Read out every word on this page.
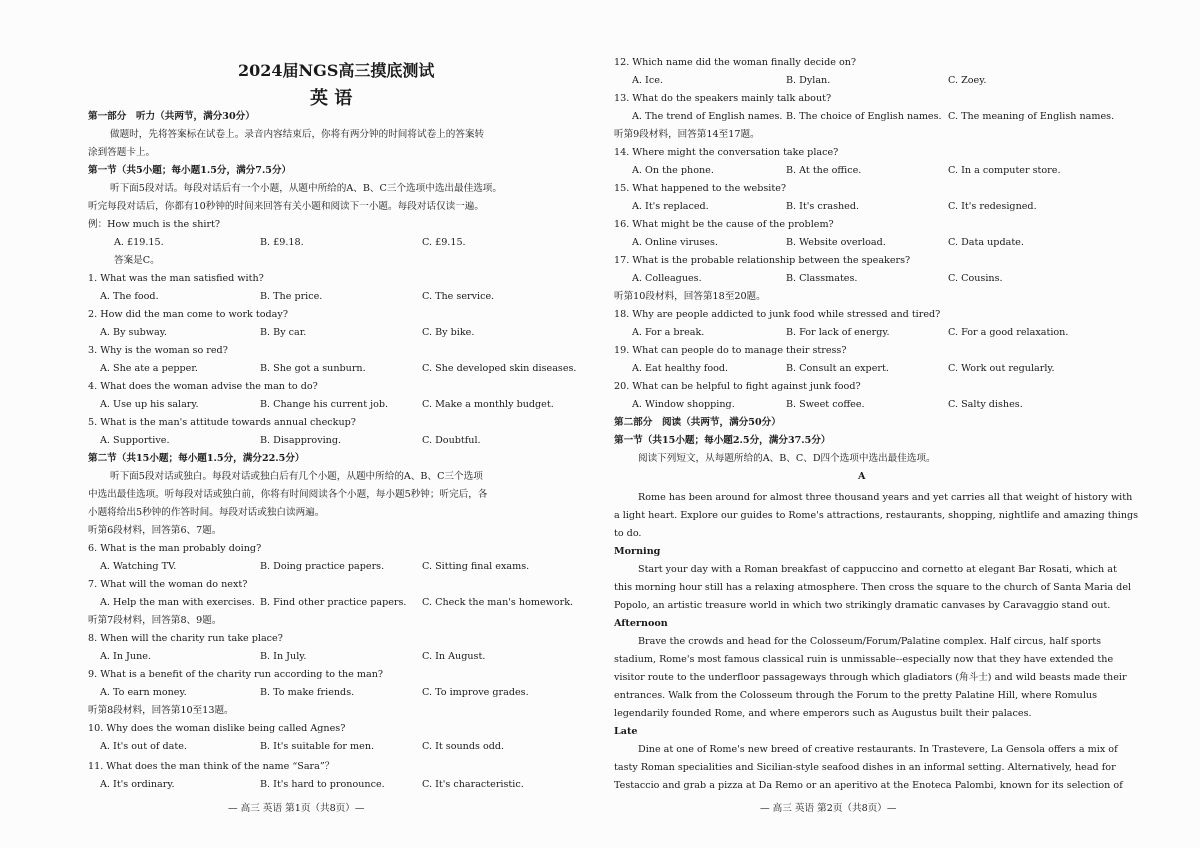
2024届NGS高三摸底测试
英 语
第一部分　听力（共两节，满分30分）
做题时，先将答案标在试卷上。录音内容结束后，你将有两分钟的时间将试卷上的答案转
涂到答题卡上。
第一节（共5小题；每小题1.5分，满分7.5分）
听下面5段对话。每段对话后有一个小题，从题中所给的A、B、C三个选项中选出最佳选项。
听完每段对话后，你都有10秒钟的时间来回答有关小题和阅读下一小题。每段对话仅读一遍。
例：How much is the shirt?
A. £19.15.	B. £9.18.	C. £9.15.
答案是C。
1. What was the man satisfied with?
A. The food.	B. The price.	C. The service.
2. How did the man come to work today?
A. By subway.	B. By car.	C. By bike.
3. Why is the woman so red?
A. She ate a pepper.	B. She got a sunburn.	C. She developed skin diseases.
4. What does the woman advise the man to do?
A. Use up his salary.	B. Change his current job.	C. Make a monthly budget.
5. What is the man's attitude towards annual checkup?
A. Supportive.	B. Disapproving.	C. Doubtful.
第二节（共15小题；每小题1.5分，满分22.5分）
听下面5段对话或独白。每段对话或独白后有几个小题，从题中所给的A、B、C三个选项
中选出最佳选项。听每段对话或独白前，你将有时间阅读各个小题，每小题5秒钟；听完后，各
小题将给出5秒钟的作答时间。每段对话或独白读两遍。
听第6段材料，回答第6、7题。
6. What is the man probably doing?
A. Watching TV.	B. Doing practice papers.	C. Sitting final exams.
7. What will the woman do next?
A. Help the man with exercises. B. Find other practice papers. C. Check the man's homework.
听第7段材料，回答第8、9题。
8. When will the charity run take place?
A. In June.	B. In July.	C. In August.
9. What is a benefit of the charity run according to the man?
A. To earn money.	B. To make friends.	C. To improve grades.
听第8段材料，回答第10至13题。
10. Why does the woman dislike being called Agnes?
A. It's out of date.	B. It's suitable for men.	C. It sounds odd.
11. What does the man think of the name “Sara”？
A. It's ordinary.	B. It's hard to pronounce.	C. It's characteristic.
— 高三 英语 第1页（共8页）—
12. Which name did the woman finally decide on?
A. Ice.	B. Dylan.	C. Zoey.
13. What do the speakers mainly talk about?
A. The trend of English names. B. The choice of English names. C. The meaning of English names.
听第9段材料，回答第14至17题。
14. Where might the conversation take place?
A. On the phone.	B. At the office.	C. In a computer store.
15. What happened to the website?
A. It's replaced.	B. It's crashed.	C. It's redesigned.
16. What might be the cause of the problem?
A. Online viruses.	B. Website overload.	C. Data update.
17. What is the probable relationship between the speakers?
A. Colleagues.	B. Classmates.	C. Cousins.
听第10段材料，回答第18至20题。
18. Why are people addicted to junk food while stressed and tired?
A. For a break.	B. For lack of energy.	C. For a good relaxation.
19. What can people do to manage their stress?
A. Eat healthy food.	B. Consult an expert.	C. Work out regularly.
20. What can be helpful to fight against junk food?
A. Window shopping.	B. Sweet coffee.	C. Salty dishes.
第二部分　阅读（共两节，满分50分）
第一节（共15小题；每小题2.5分，满分37.5分）
阅读下列短文，从每题所给的A、B、C、D四个选项中选出最佳选项。
A
Rome has been around for almost three thousand years and yet carries all that weight of history with
a light heart. Explore our guides to Rome's attractions, restaurants, shopping, nightlife and amazing things
to do.
Morning
Start your day with a Roman breakfast of cappuccino and cornetto at elegant Bar Rosati, which at
this morning hour still has a relaxing atmosphere. Then cross the square to the church of Santa Maria del
Popolo, an artistic treasure world in which two strikingly dramatic canvases by Caravaggio stand out.
Afternoon
Brave the crowds and head for the Colosseum/Forum/Palatine complex. Half circus, half sports
stadium, Rome's most famous classical ruin is unmissable--especially now that they have extended the
visitor route to the underfloor passageways through which gladiators (角斗士) and wild beasts made their
entrances. Walk from the Colosseum through the Forum to the pretty Palatine Hill, where Romulus
legendarily founded Rome, and where emperors such as Augustus built their palaces.
Late
Dine at one of Rome's new breed of creative restaurants. In Trastevere, La Gensola offers a mix of
tasty Roman specialities and Sicilian-style seafood dishes in an informal setting. Alternatively, head for
Testaccio and grab a pizza at Da Remo or an aperitivo at the Enoteca Palombi, known for its selection of
— 高三 英语 第2页（共8页）—
